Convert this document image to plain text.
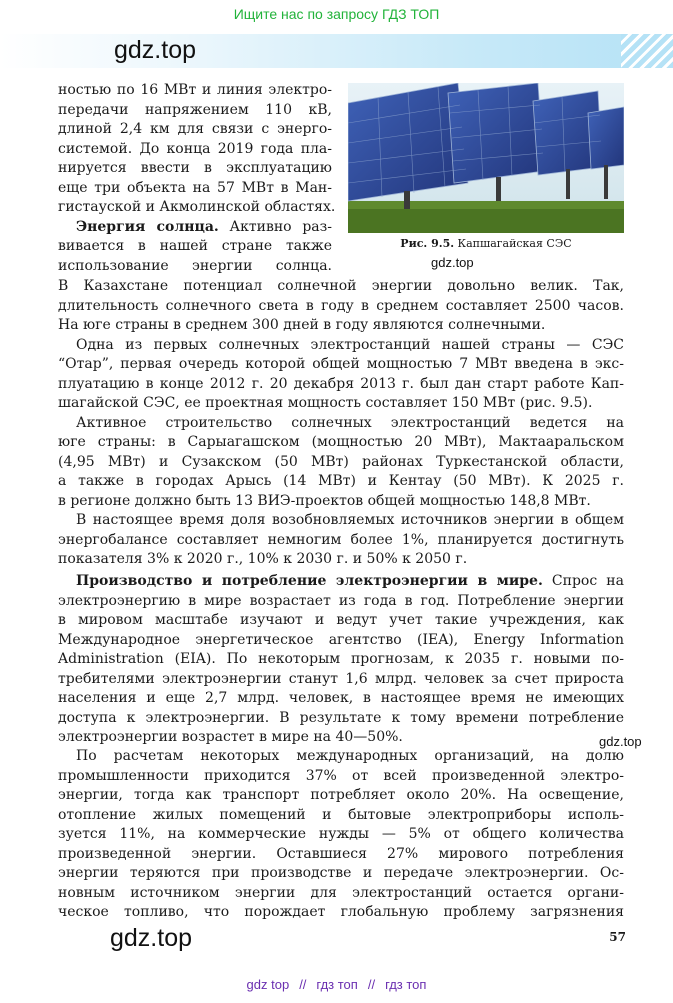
Ищите нас по запросу ГДЗ ТОП
gdz.top
ностью по 16 МВт и линия электро-
передачи напряжением 110 кВ,
длиной 2,4 км для связи с энерго-
системой. До конца 2019 года пла-
нируется ввести в эксплуатацию
еще три объекта на 57 МВт в Ман-
гистауской и Акмолинской областях.
Энергия солнца. Активно раз-
вивается в нашей стране также
использование энергии солнца.
Рис. 9.5. Капшагайская СЭС
gdz.top
В Казахстане потенциал солнечной энергии довольно велик. Так,
длительность солнечного света в году в среднем составляет 2500 часов.
На юге страны в среднем 300 дней в году являются солнечными.
Одна из первых солнечных электростанций нашей страны — СЭС
“Отар”, первая очередь которой общей мощностью 7 МВт введена в экс-
плуатацию в конце 2012 г. 20 декабря 2013 г. был дан старт работе Кап-
шагайской СЭС, ее проектная мощность составляет 150 МВт (рис. 9.5).
Активное строительство солнечных электростанций ведется на
юге страны: в Сарыагашском (мощностью 20 МВт), Мактааральском
(4,95 МВт) и Сузакском (50 МВт) районах Туркестанской области,
а также в городах Арысь (14 МВт) и Кентау (50 МВт). К 2025 г.
в регионе должно быть 13 ВИЭ-проектов общей мощностью 148,8 МВт.
В настоящее время доля возобновляемых источников энергии в общем
энергобалансе составляет немногим более 1%, планируется достигнуть
показателя 3% к 2020 г., 10% к 2030 г. и 50% к 2050 г.
Производство и потребление электроэнергии в мире. Спрос на
электроэнергию в мире возрастает из года в год. Потребление энергии
в мировом масштабе изучают и ведут учет такие учреждения, как
Международное энергетическое агентство (IEA), Energy Information
Administration (EIA). По некоторым прогнозам, к 2035 г. новыми по-
требителями электроэнергии станут 1,6 млрд. человек за счет прироста
населения и еще 2,7 млрд. человек, в настоящее время не имеющих
доступа к электроэнергии. В результате к тому времени потребление
электроэнергии возрастет в мире на 40—50%.
По расчетам некоторых международных организаций, на долю
промышленности приходится 37% от всей произведенной электро-
энергии, тогда как транспорт потребляет около 20%. На освещение,
отопление жилых помещений и бытовые электроприборы исполь-
зуется 11%, на коммерческие нужды — 5% от общего количества
произведенной энергии. Оставшиеся 27% мирового потребления
энергии теряются при производстве и передаче электроэнергии. Ос-
новным источником энергии для электростанций остается органи-
ческое топливо, что порождает глобальную проблему загрязнения
gdz.top
gdz.top	57
gdz top // гдз топ // гдз топ
